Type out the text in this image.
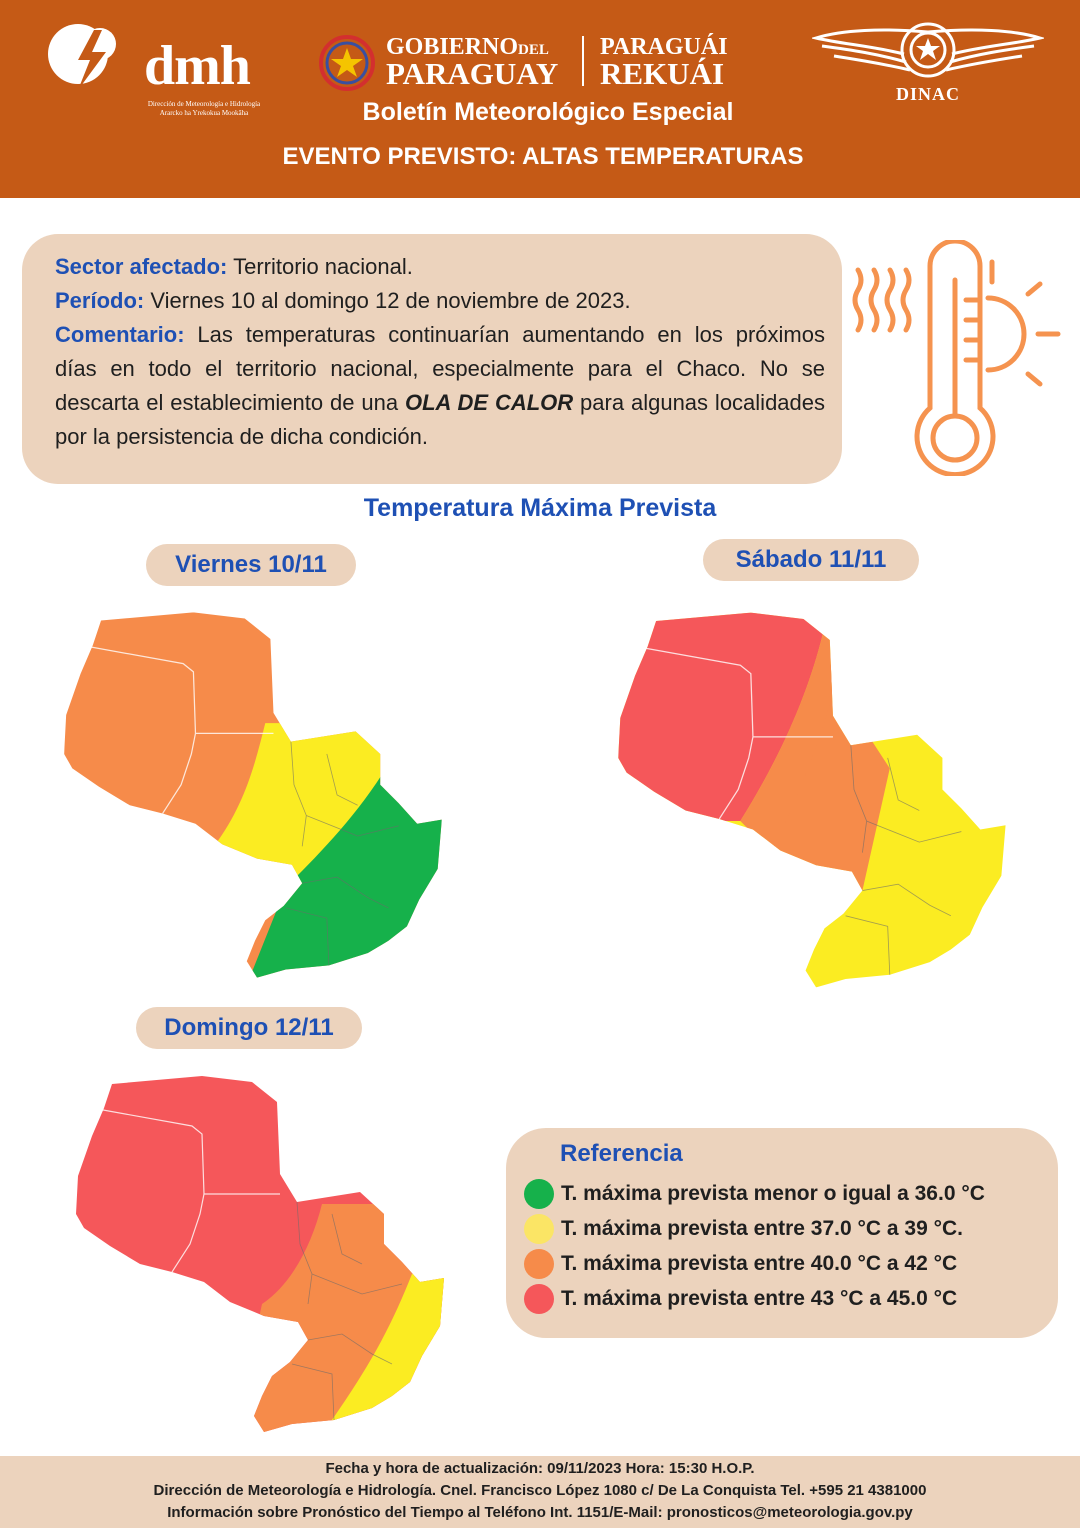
dmh
Dirección de Meteorología e Hidrología
Ararcko ha Yrekokua Mookãha
GOBIERNODEL
PARAGUAY
PARAGUÁI
REKUÁI
DINAC
Boletín Meteorológico Especial
EVENTO PREVISTO: ALTAS TEMPERATURAS
Sector afectado: Territorio nacional.
Período: Viernes 10 al domingo 12 de noviembre de 2023.
Comentario: Las temperaturas continuarían aumentando en los próximos días en todo el territorio nacional, especialmente para el Chaco. No se descarta el establecimiento de una OLA DE CALOR para algunas localidades por la persistencia de dicha condición.
Temperatura Máxima Prevista
Viernes 10/11	Sábado 11/11
Domingo 12/11
Referencia
T. máxima prevista menor o igual a 36.0 °C
T. máxima prevista entre 37.0 °C a 39 °C.
T. máxima prevista entre 40.0 °C a 42 °C
T. máxima prevista entre 43 °C a 45.0 °C
Fecha y hora de actualización: 09/11/2023 Hora: 15:30 H.O.P.
Dirección de Meteorología e Hidrología. Cnel. Francisco López 1080 c/ De La Conquista Tel. +595 21 4381000
Información sobre Pronóstico del Tiempo al Teléfono Int. 1151/E-Mail: pronosticos@meteorologia.gov.py
